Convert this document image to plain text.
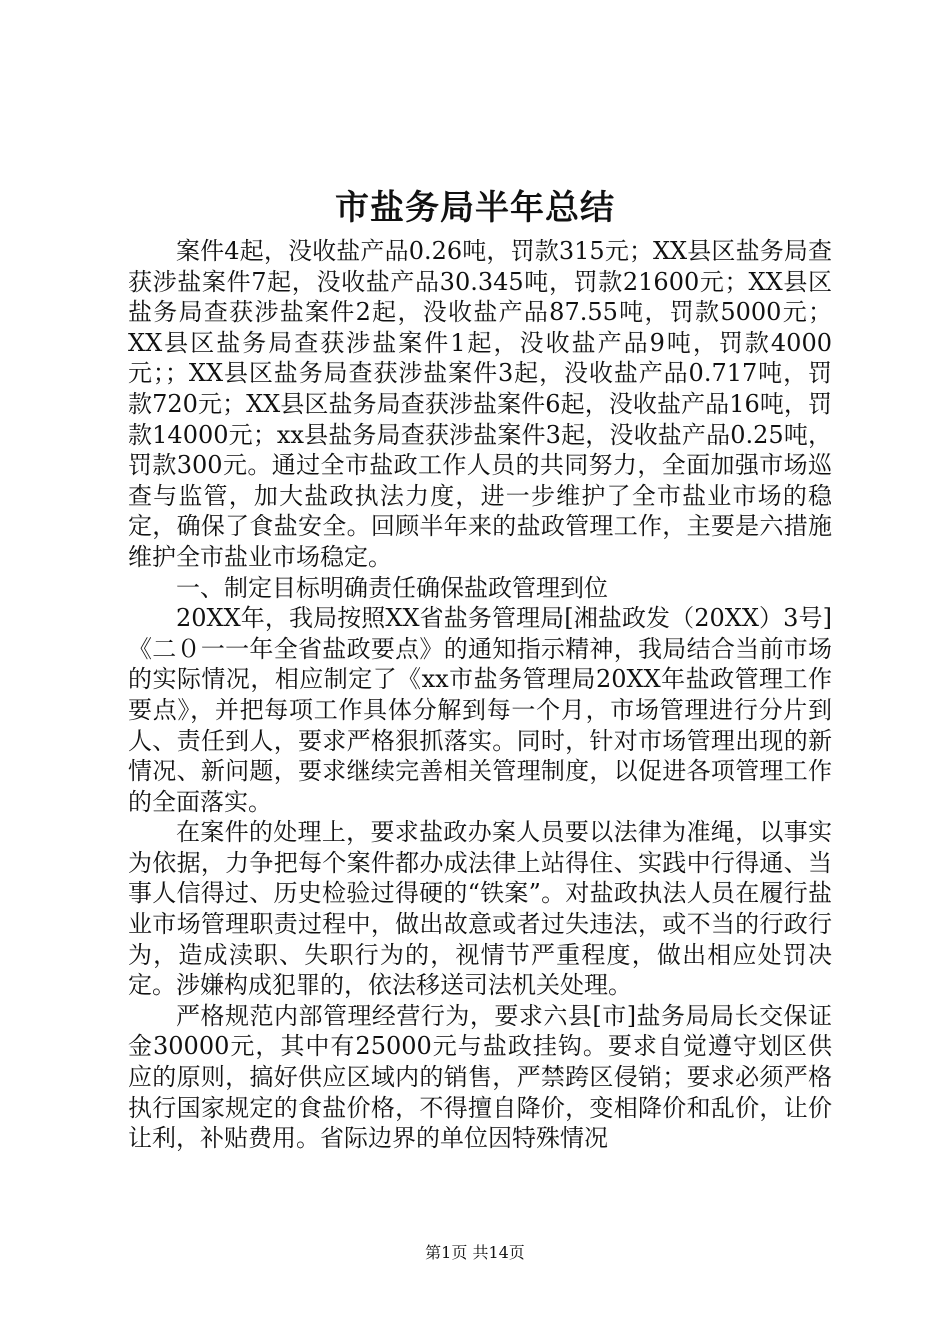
市盐务局半年总结

案件4起，没收盐产品0.26吨，罚款315元；XX县区盐务局查获涉盐案件7起，没收盐产品30.345吨，罚款21600元；XX县区盐务局查获涉盐案件2起，没收盐产品87.55吨，罚款5000元；XX县区盐务局查获涉盐案件1起，没收盐产品9吨，罚款4000元；；XX县区盐务局查获涉盐案件3起，没收盐产品0.717吨，罚款720元；XX县区盐务局查获涉盐案件6起，没收盐产品16吨，罚款14000元；xx县盐务局查获涉盐案件3起，没收盐产品0.25吨，罚款300元。通过全市盐政工作人员的共同努力，全面加强市场巡查与监管，加大盐政执法力度，进一步维护了全市盐业市场的稳定，确保了食盐安全。回顾半年来的盐政管理工作，主要是六措施维护全市盐业市场稳定。

一、制定目标明确责任确保盐政管理到位

20XX年，我局按照XX省盐务管理局[湘盐政发（20XX）3号]《二０一一年全省盐政要点》的通知指示精神，我局结合当前市场的实际情况，相应制定了《xx市盐务管理局20XX年盐政管理工作要点》，并把每项工作具体分解到每一个月，市场管理进行分片到人、责任到人，要求严格狠抓落实。同时，针对市场管理出现的新情况、新问题，要求继续完善相关管理制度，以促进各项管理工作的全面落实。

在案件的处理上，要求盐政办案人员要以法律为准绳，以事实为依据，力争把每个案件都办成法律上站得住、实践中行得通、当事人信得过、历史检验过得硬的“铁案”。对盐政执法人员在履行盐业市场管理职责过程中，做出故意或者过失违法，或不当的行政行为，造成渎职、失职行为的，视情节严重程度，做出相应处罚决定。涉嫌构成犯罪的，依法移送司法机关处理。

严格规范内部管理经营行为，要求六县[市]盐务局局长交保证金30000元，其中有25000元与盐政挂钩。要求自觉遵守划区供应的原则，搞好供应区域内的销售，严禁跨区侵销；要求必须严格执行国家规定的食盐价格，不得擅自降价，变相降价和乱价，让价让利，补贴费用。省际边界的单位因特殊情况

第1页 共14页
